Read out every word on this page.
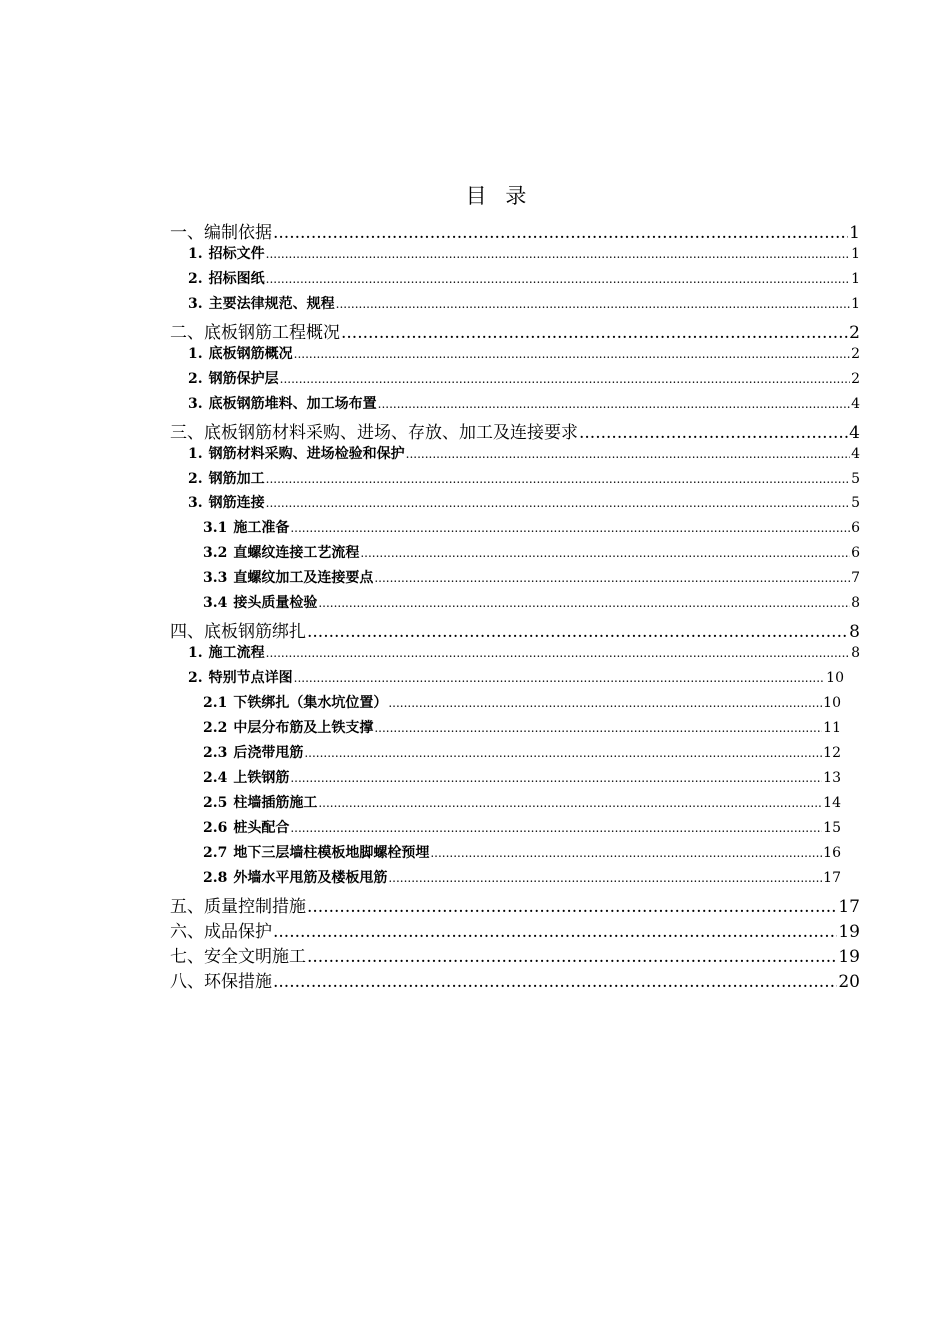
目 录
一、编制依据 .....	1
1. 招标文件 .....	1
2. 招标图纸 .....	1
3. 主要法律规范、规程 .....	1
二、底板钢筋工程概况 .....	2
1. 底板钢筋概况 .....	2
2. 钢筋保护层 .....	2
3. 底板钢筋堆料、加工场布置 .....	4
三、底板钢筋材料采购、进场、存放、加工及连接要求 .....	4
1. 钢筋材料采购、进场检验和保护 .....	4
2. 钢筋加工 .....	5
3. 钢筋连接 .....	5
3.1 施工准备 .....	6
3.2 直螺纹连接工艺流程 .....	6
3.3 直螺纹加工及连接要点 .....	7
3.4 接头质量检验 .....	8
四、底板钢筋绑扎 .....	8
1. 施工流程 .....	8
2. 特别节点详图 .....	10
2.1 下铁绑扎（集水坑位置） .....	10
2.2 中层分布筋及上铁支撑 .....	11
2.3 后浇带甩筋 .....	12
2.4 上铁钢筋 .....	13
2.5 柱墙插筋施工 .....	14
2.6 桩头配合 .....	15
2.7 地下三层墙柱模板地脚螺栓预埋 .....	16
2.8 外墙水平甩筋及楼板甩筋 .....	17
五、质量控制措施 .....	17
六、成品保护 .....	19
七、安全文明施工 .....	19
八、环保措施 .....	20
